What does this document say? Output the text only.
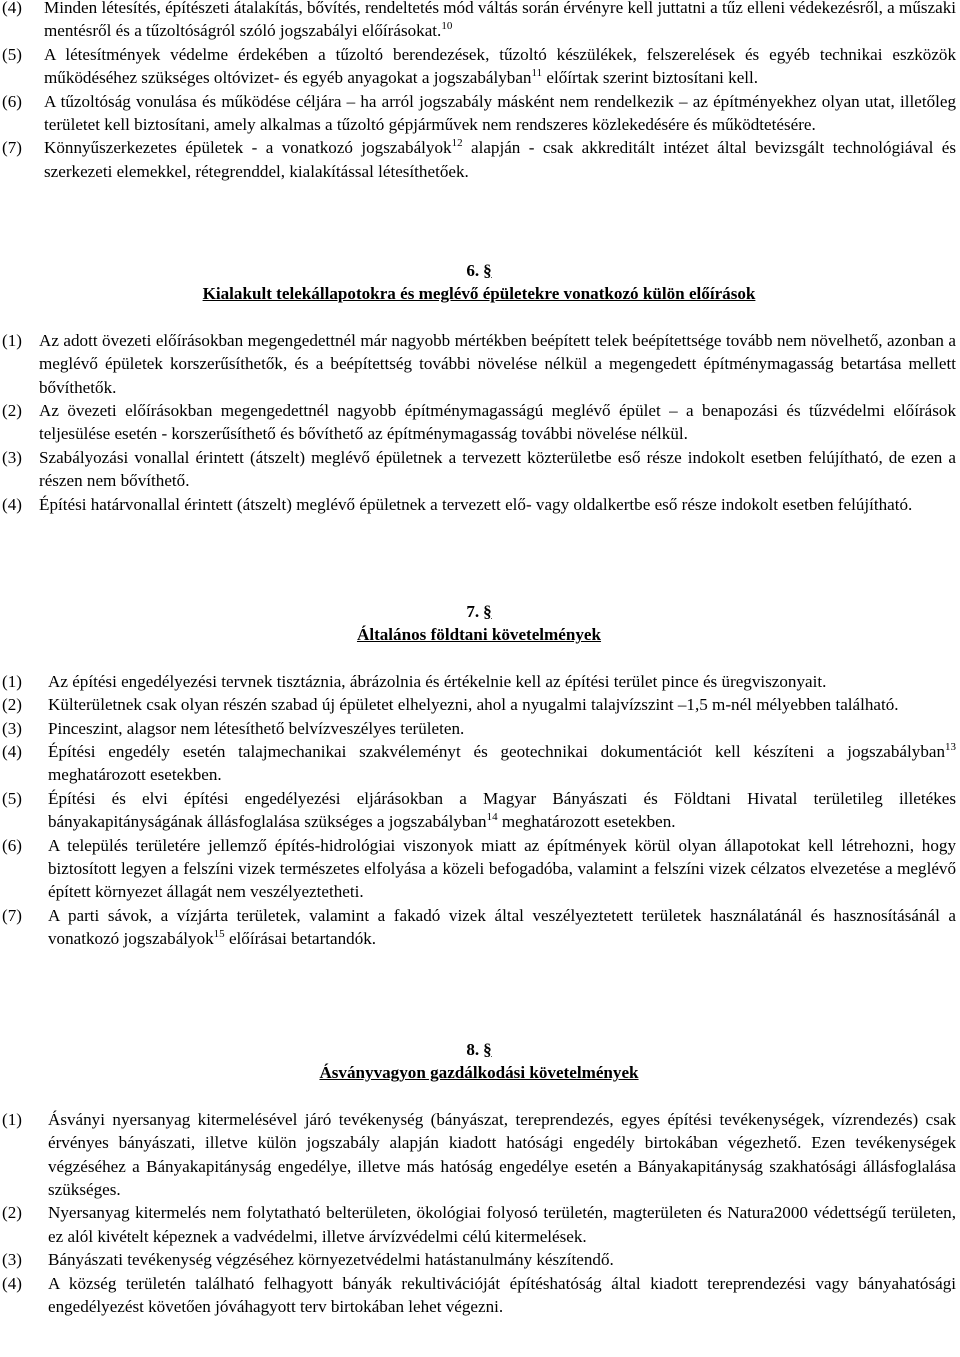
(4) Minden létesítés, építészeti átalakítás, bővítés, rendeltetés mód váltás során érvényre kell juttatni a tűz elleni védekezésről, a műszaki mentésről és a tűzoltóságról szóló jogszabályi előírásokat.$^{10}$
(5) A létesítmények védelme érdekében a tűzoltó berendezések, tűzoltó készülékek, felszerelések és egyéb technikai eszközök működéséhez szükséges oltóvizet- és egyéb anyagokat a jogszabályban$^{11}$ előírtak szerint biztosítani kell.
(6) A tűzoltóság vonulása és működése céljára – ha arról jogszabály másként nem rendelkezik – az építményekhez olyan utat, illetőleg területet kell biztosítani, amely alkalmas a tűzoltó gépjárművek nem rendszeres közlekedésére és működtetésére.
(7) Könnyűszerkezetes épületek - a vonatkozó jogszabályok$^{12}$ alapján - csak akkreditált intézet által bevizsgált technológiával és szerkezeti elemekkel, rétegrenddel, kialakítással létesíthetőek.

6. §

Kialakult telekállapotokra és meglévő épületekre vonatkozó külön előírások

(1) Az adott övezeti előírásokban megengedettnél már nagyobb mértékben beépített telek beépítettsége tovább nem növelhető, azonban a meglévő épületek korszerűsíthetők, és a beépítettség további növelése nélkül a megengedett építménymagasság betartása mellett bővíthetők.
(2) Az övezeti előírásokban megengedettnél nagyobb építménymagasságú meglévő épület – a benapozási és tűzvédelmi előírások teljesülése esetén - korszerűsíthető és bővíthető az építménymagasság további növelése nélkül.
(3) Szabályozási vonallal érintett (átszelt) meglévő épületnek a tervezett közterületbe eső része indokolt esetben felújítható, de ezen a részen nem bővíthető.
(4) Építési határvonallal érintett (átszelt) meglévő épületnek a tervezett elő- vagy oldalkertbe eső része indokolt esetben felújítható.

7. §

Általános földtani követelmények

(1) Az építési engedélyezési tervnek tisztáznia, ábrázolnia és értékelnie kell az építési terület pince és üregviszonyait.
(2) Külterületnek csak olyan részén szabad új épületet elhelyezni, ahol a nyugalmi talajvízszint –1,5 m-nél mélyebben található.
(3) Pinceszint, alagsor nem létesíthető belvízveszélyes területen.
(4) Építési engedély esetén talajmechanikai szakvéleményt és geotechnikai dokumentációt kell készíteni a jogszabályban$^{13}$ meghatározott esetekben.
(5) Építési és elvi építési engedélyezési eljárásokban a Magyar Bányászati és Földtani Hivatal területileg illetékes bányakapitányságának állásfoglalása szükséges a jogszabályban$^{14}$ meghatározott esetekben.
(6) A település területére jellemző építés-hidrológiai viszonyok miatt az építmények körül olyan állapotokat kell létrehozni, hogy biztosított legyen a felszíni vizek természetes elfolyása a közeli befogadóba, valamint a felszíni vizek célzatos elvezetése a meglévő épített környezet állagát nem veszélyeztetheti.
(7) A parti sávok, a vízjárta területek, valamint a fakadó vizek által veszélyeztetett területek használatánál és hasznosításánál a vonatkozó jogszabályok$^{15}$ előírásai betartandók.

8. §

Ásványvagyon gazdálkodási követelmények

(1) Ásványi nyersanyag kitermelésével járó tevékenység (bányászat, tereprendezés, egyes építési tevékenységek, vízrendezés) csak érvényes bányászati, illetve külön jogszabály alapján kiadott hatósági engedély birtokában végezhető. Ezen tevékenységek végzéséhez a Bányakapitányság engedélye, illetve más hatóság engedélye esetén a Bányakapitányság szakhatósági állásfoglalása szükséges.
(2) Nyersanyag kitermelés nem folytatható belterületen, ökológiai folyosó területén, magterületen és Natura2000 védettségű területen, ez alól kivételt képeznek a vadvédelmi, illetve árvízvédelmi célú kitermelések.
(3) Bányászati tevékenység végzéséhez környezetvédelmi hatástanulmány készítendő.
(4) A község területén található felhagyott bányák rekultivációját építéshatóság által kiadott tereprendezési vagy bányahatósági engedélyezést követően jóváhagyott terv birtokában lehet végezni.
